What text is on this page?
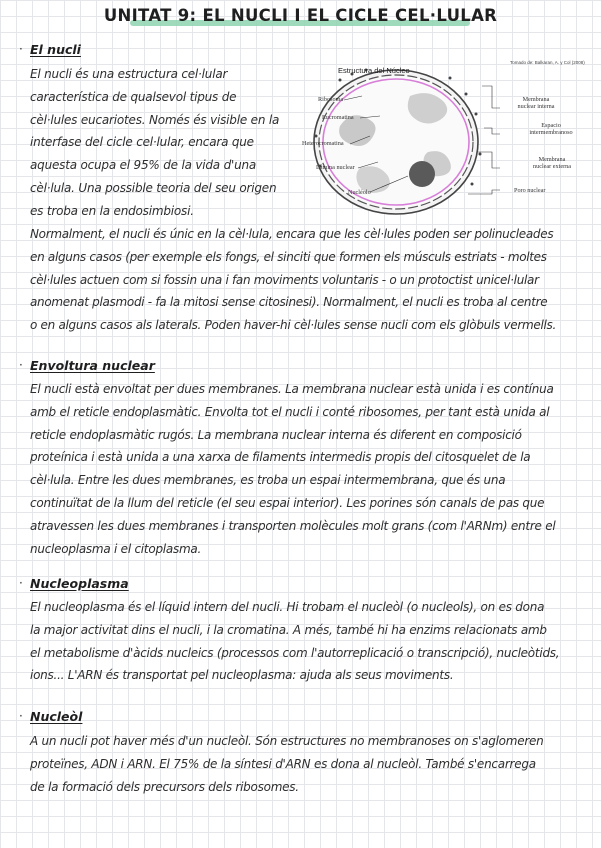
UNITAT 9: EL NUCLI I EL CICLE CEL·LULAR
· El nucli
El nucli és una estructura cel·lular
característica de qualsevol tipus de
cèl·lules eucariotes. Només és visible en la
interfase del cicle cel·lular, encara que
aquesta ocupa el 95% de la vida d'una
cèl·lula. Una possible teoria del seu origen
es troba en la endosimbiosi.
Normalment, el nucli és únic en la cèl·lula, encara que les cèl·lules poden ser polinucleades
en alguns casos (per exemple els fongs, el sinciti que formen els músculs estriats - moltes
cèl·lules actuen com si fossin una i fan moviments voluntaris - o un protoctist unicel·lular
anomenat plasmodi - fa la mitosi sense citosinesi). Normalment, el nucli es troba al centre
o en alguns casos als laterals. Poden haver-hi cèl·lules sense nucli com els glòbuls vermells.
Estructura del Núcleo
Tomado de: Balkaran, A. y Col (2008)
Ribosoma
Eucromatina
Heterocromatina
Lámina nuclear
Nucléolo
Membrana
nuclear interna
Espacio
intermembranoso
Membrana
nuclear externa
Poro nuclear
· Envoltura nuclear
El nucli està envoltat per dues membranes. La membrana nuclear està unida i es contínua
amb el reticle endoplasmàtic. Envolta tot el nucli i conté ribosomes, per tant està unida al
reticle endoplasmàtic rugós. La membrana nuclear interna és diferent en composició
proteínica i està unida a una xarxa de filaments intermedis propis del citosquelet de la
cèl·lula. Entre les dues membranes, es troba un espai intermembrana, que és una
continuïtat de la llum del reticle (el seu espai interior). Les porines són canals de pas que
atravessen les dues membranes i transporten molècules molt grans (com l'ARNm) entre el
nucleoplasma i el citoplasma.
· Nucleoplasma
El nucleoplasma és el líquid intern del nucli. Hi trobam el nucleòl (o nucleols), on es dona
la major activitat dins el nucli, i la cromatina. A més, també hi ha enzims relacionats amb
el metabolisme d'àcids nucleics (processos com l'autorreplicació o transcripció), nucleòtids,
ions... L'ARN és transportat pel nucleoplasma: ajuda als seus moviments.
· Nucleòl
A un nucli pot haver més d'un nucleòl. Són estructures no membranoses on s'aglomeren
proteïnes, ADN i ARN. El 75% de la síntesi d'ARN es dona al nucleòl. També s'encarrega
de la formació dels precursors dels ribosomes.
